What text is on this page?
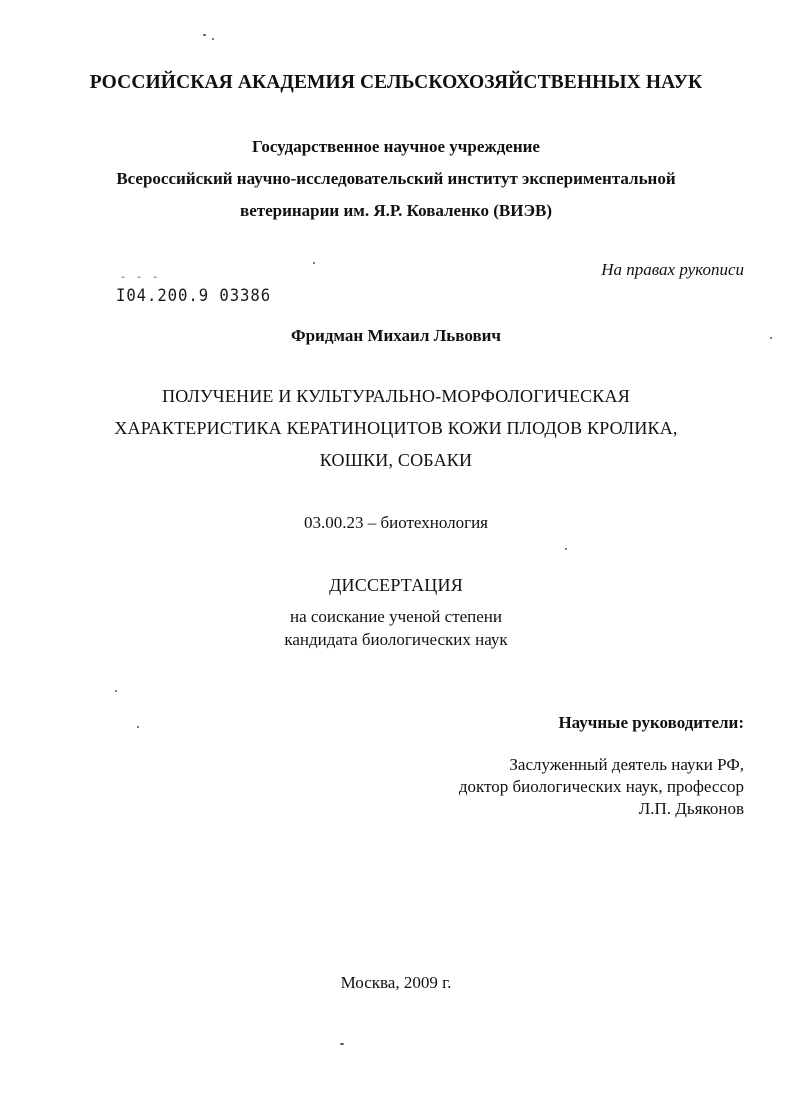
РОССИЙСКАЯ АКАДЕМИЯ СЕЛЬСКОХОЗЯЙСТВЕННЫХ НАУК

Государственное научное учреждение

Всероссийский научно-исследовательский институт экспериментальной

ветеринарии им. Я.Р. Коваленко (ВИЭВ)

На правах рукописи
‐ ‐ ‐
I04.200.9 03386

Фридман Михаил Львович

ПОЛУЧЕНИЕ И КУЛЬТУРАЛЬНО-МОРФОЛОГИЧЕСКАЯ

ХАРАКТЕРИСТИКА КЕРАТИНОЦИТОВ КОЖИ ПЛОДОВ КРОЛИКА,

КОШКИ, СОБАКИ

03.00.23 – биотехнология

ДИССЕРТАЦИЯ

на соискание ученой степени

кандидата биологических наук

Научные руководители:
Заслуженный деятель науки РФ,
доктор биологических наук, профессор
Л.П. Дьяконов

Москва, 2009 г.
